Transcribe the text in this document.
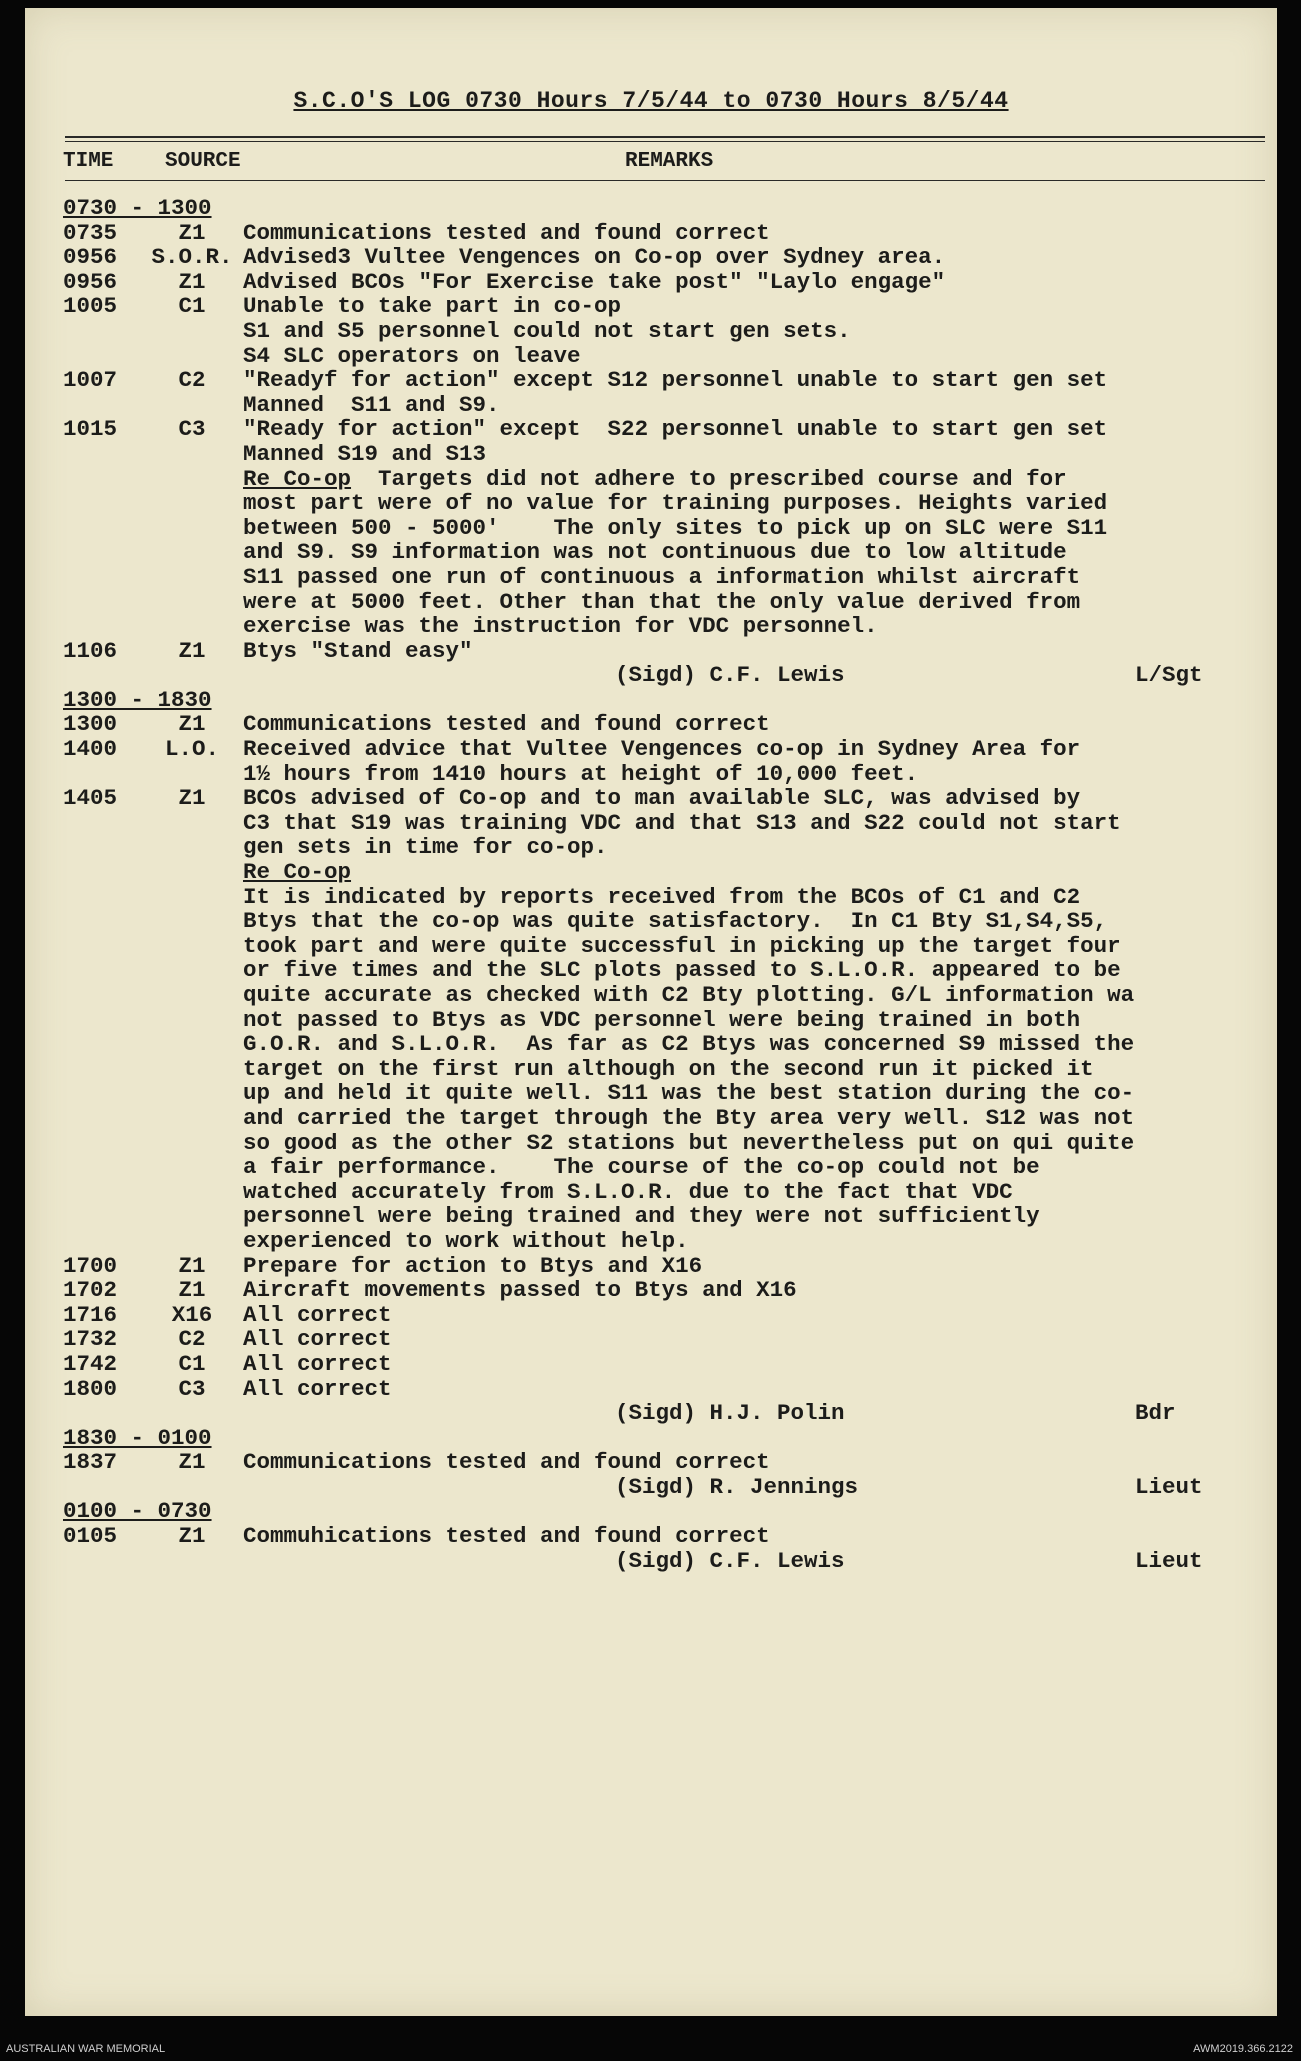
S.C.O'S LOG 0730 Hours 7/5/44 to 0730 Hours 8/5/44
TIME SOURCE	REMARKS
0730 - 1300
0735	Z1	Communications tested and found correct
0956	S.O.R. Advised3 Vultee Vengences on Co-op over Sydney area.
0956	Z1	Advised BCOs "For Exercise take post" "Laylo engage"
1005	C1	Unable to take part in co-op
S1 and S5 personnel could not start gen sets.
S4 SLC operators on leave
1007	C2	"Readyf for action" except S12 personnel unable to start gen set
Manned  S11 and S9.
1015	C3	"Ready for action" except  S22 personnel unable to start gen set
Manned S19 and S13
Re Co-op  Targets did not adhere to prescribed course and for
most part were of no value for training purposes. Heights varied
between 500 - 5000'    The only sites to pick up on SLC were S11
and S9. S9 information was not continuous due to low altitude
S11 passed one run of continuous a information whilst aircraft
were at 5000 feet. Other than that the only value derived from
exercise was the instruction for VDC personnel.
1106	Z1	Btys "Stand easy"
(Sigd) C.F. Lewis	L/Sgt
1300 - 1830
1300	Z1	Communications tested and found correct
1400	L.O.	Received advice that Vultee Vengences co-op in Sydney Area for
1½ hours from 1410 hours at height of 10,000 feet.
1405	Z1	BCOs advised of Co-op and to man available SLC, was advised by
C3 that S19 was training VDC and that S13 and S22 could not start
gen sets in time for co-op.
Re Co-op
It is indicated by reports received from the BCOs of C1 and C2
Btys that the co-op was quite satisfactory.  In C1 Bty S1,S4,S5,
took part and were quite successful in picking up the target four
or five times and the SLC plots passed to S.L.O.R. appeared to be
quite accurate as checked with C2 Bty plotting. G/L information wa
not passed to Btys as VDC personnel were being trained in both
G.O.R. and S.L.O.R.  As far as C2 Btys was concerned S9 missed the
target on the first run although on the second run it picked it
up and held it quite well. S11 was the best station during the co-
and carried the target through the Bty area very well. S12 was not
so good as the other S2 stations but nevertheless put on qui quite
a fair performance.    The course of the co-op could not be
watched accurately from S.L.O.R. due to the fact that VDC
personnel were being trained and they were not sufficiently
experienced to work without help.
1700	Z1	Prepare for action to Btys and X16
1702	Z1	Aircraft movements passed to Btys and X16
1716	X16	All correct
1732	C2	All correct
1742	C1	All correct
1800	C3	All correct
(Sigd) H.J. Polin	Bdr
1830 - 0100
1837	Z1	Communications tested and found correct
(Sigd) R. Jennings	Lieut
0100 - 0730
0105	Z1	Commuhications tested and found correct
(Sigd) C.F. Lewis	Lieut
AUSTRALIAN WAR MEMORIAL	AWM2019.366.2122
